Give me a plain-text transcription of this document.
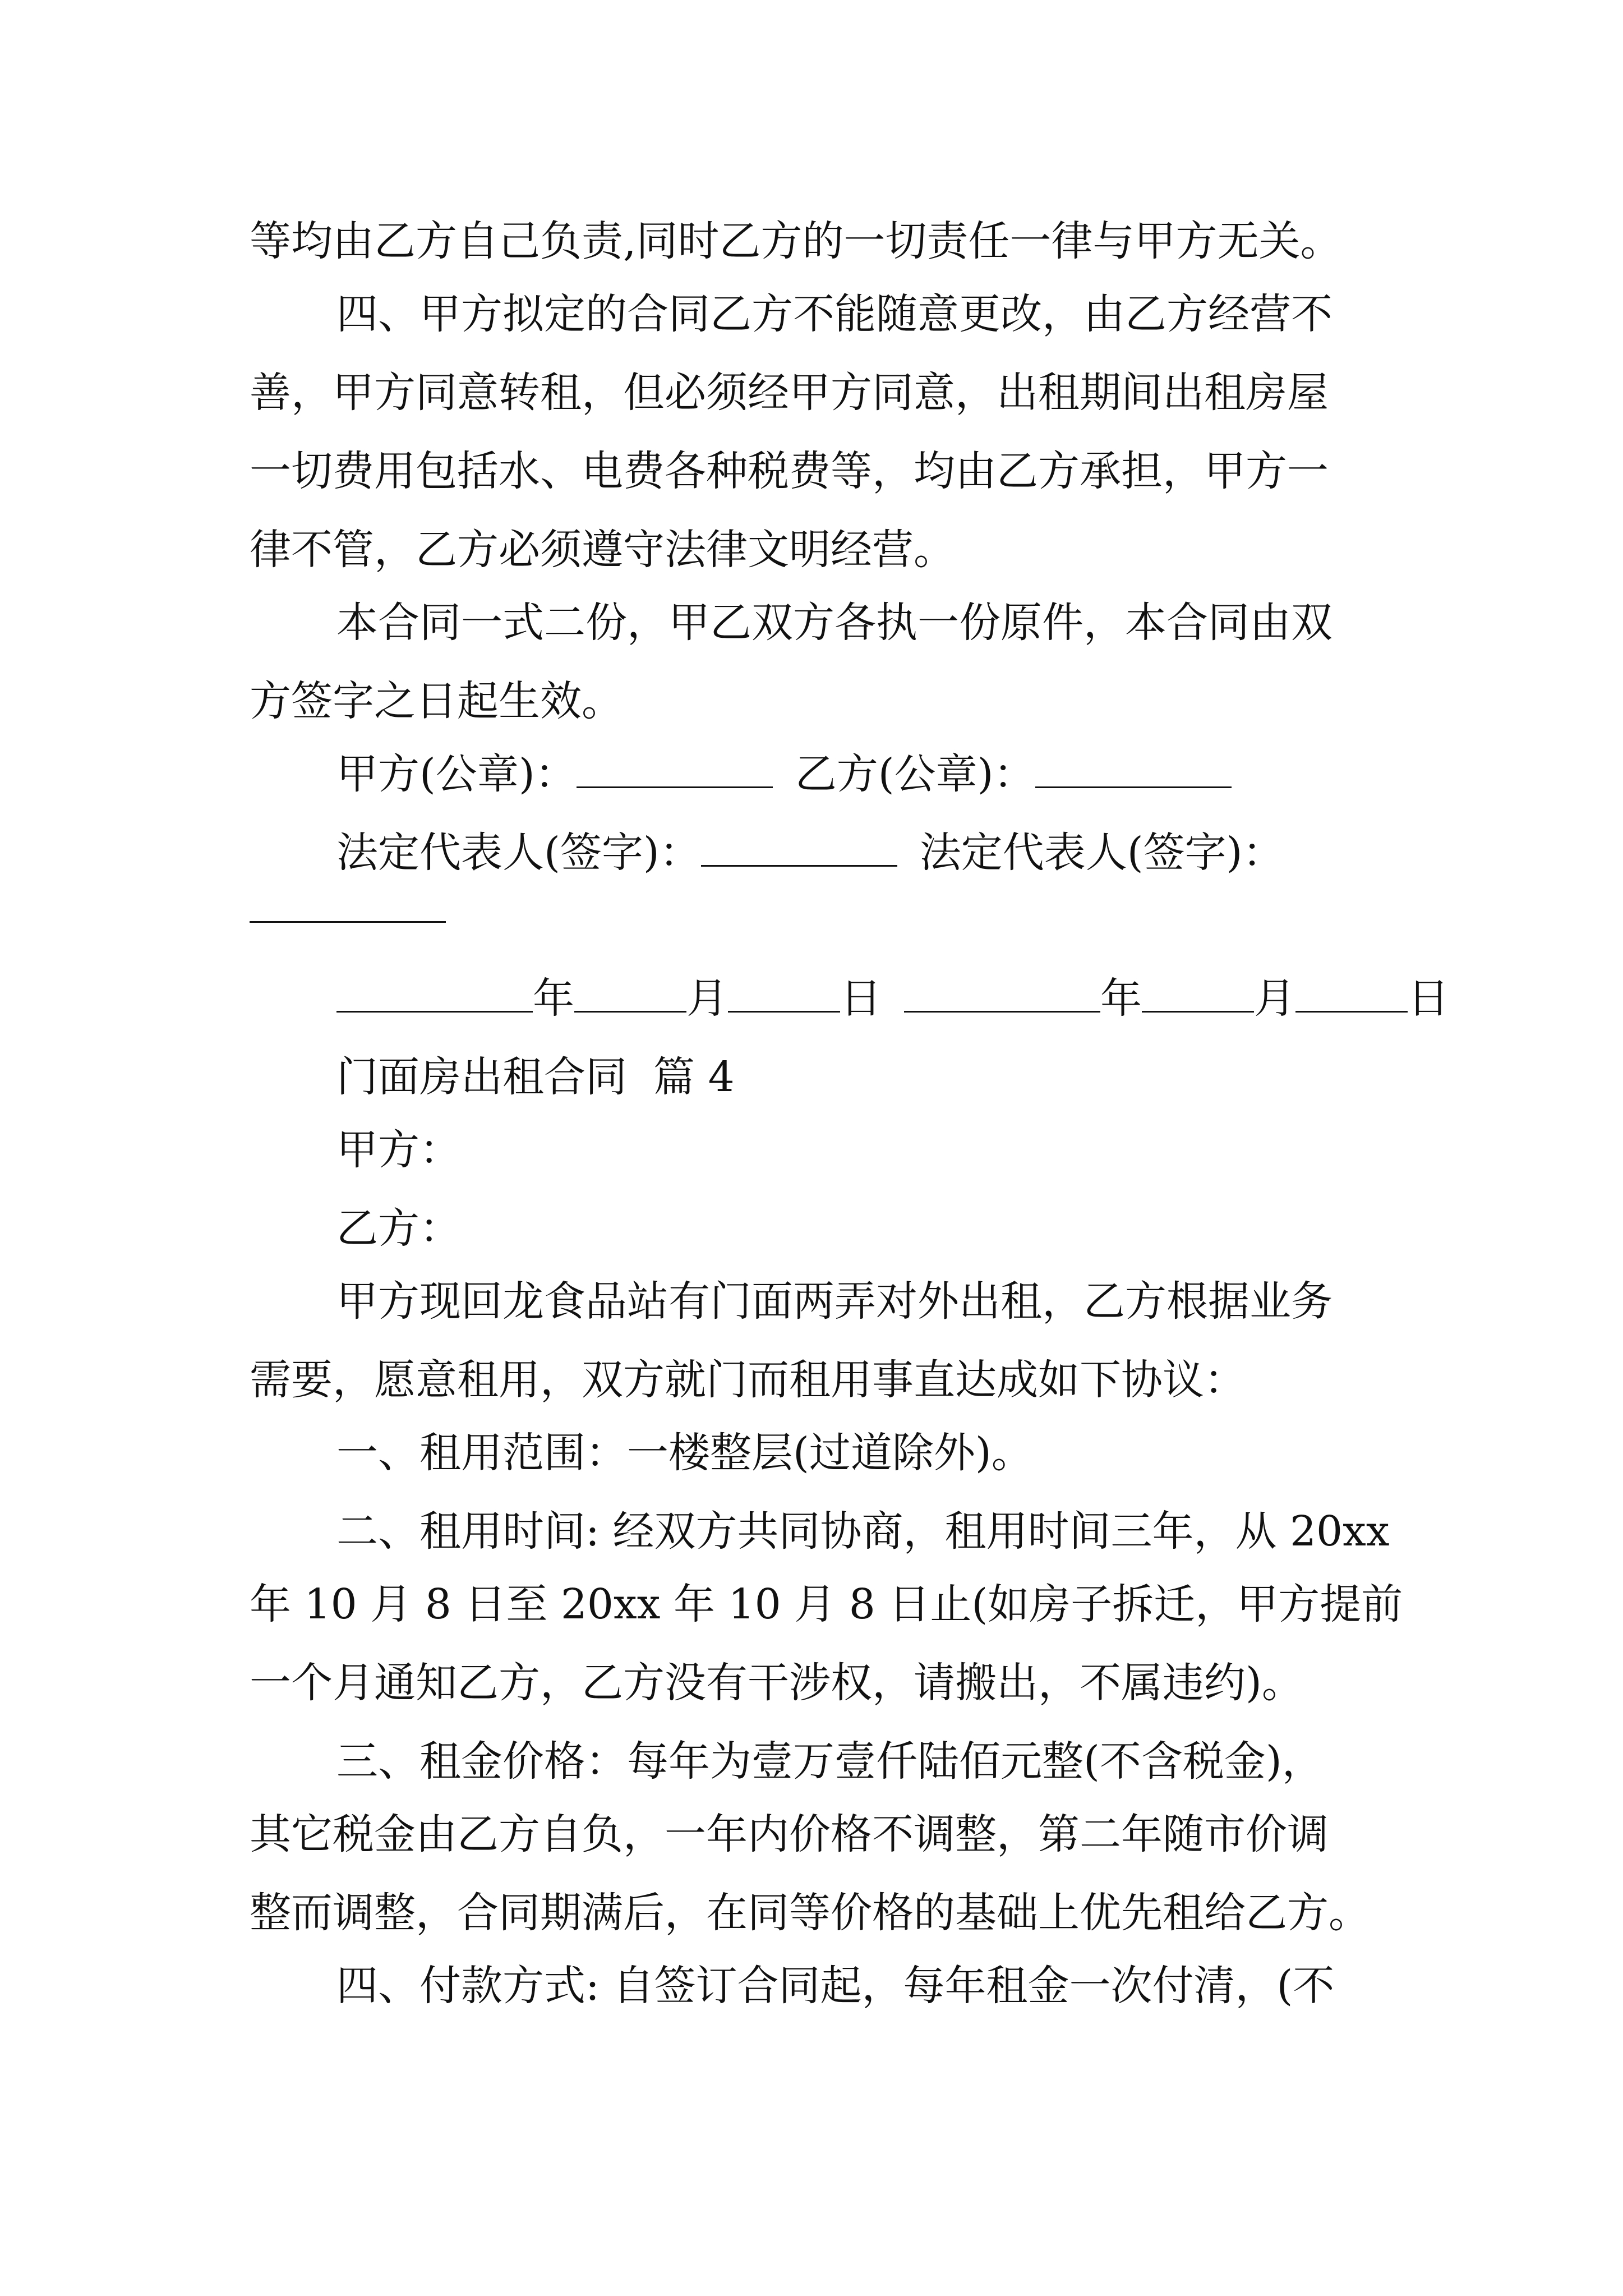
等均由乙方自己负责,同时乙方的一切责任一律与甲方无关。
四、甲方拟定的合同乙方不能随意更改，由乙方经营不
善，甲方同意转租，但必须经甲方同意，出租期间出租房屋
一切费用包括水、电费各种税费等，均由乙方承担，甲方一
律不管，乙方必须遵守法律文明经营。
本合同一式二份，甲乙双方各执一份原件，本合同由双
方签字之日起生效。
甲方(公章)：	乙方(公章)：
法定代表人(签字)：	法定代表人(签字)：
年	月	日	年	月	日
门面房出租合同  篇 4
甲方：
乙方：
甲方现回龙食品站有门面两弄对外出租，乙方根据业务
需要，愿意租用，双方就门而租用事直达成如下协议：
一、租用范围：一楼整层(过道除外)。
二、租用时间: 经双方共同协商，租用时间三年，从 20xx
年 10 月 8 日至 20xx 年 10 月 8 日止(如房子拆迁，甲方提前
一个月通知乙方，乙方没有干涉权，请搬出，不属违约)。
三、租金价格：每年为壹万壹仟陆佰元整(不含税金)，
其它税金由乙方自负，一年内价格不调整，第二年随市价调
整而调整，合同期满后，在同等价格的基础上优先租给乙方。
四、付款方式: 自签订合同起，每年租金一次付清，(不
